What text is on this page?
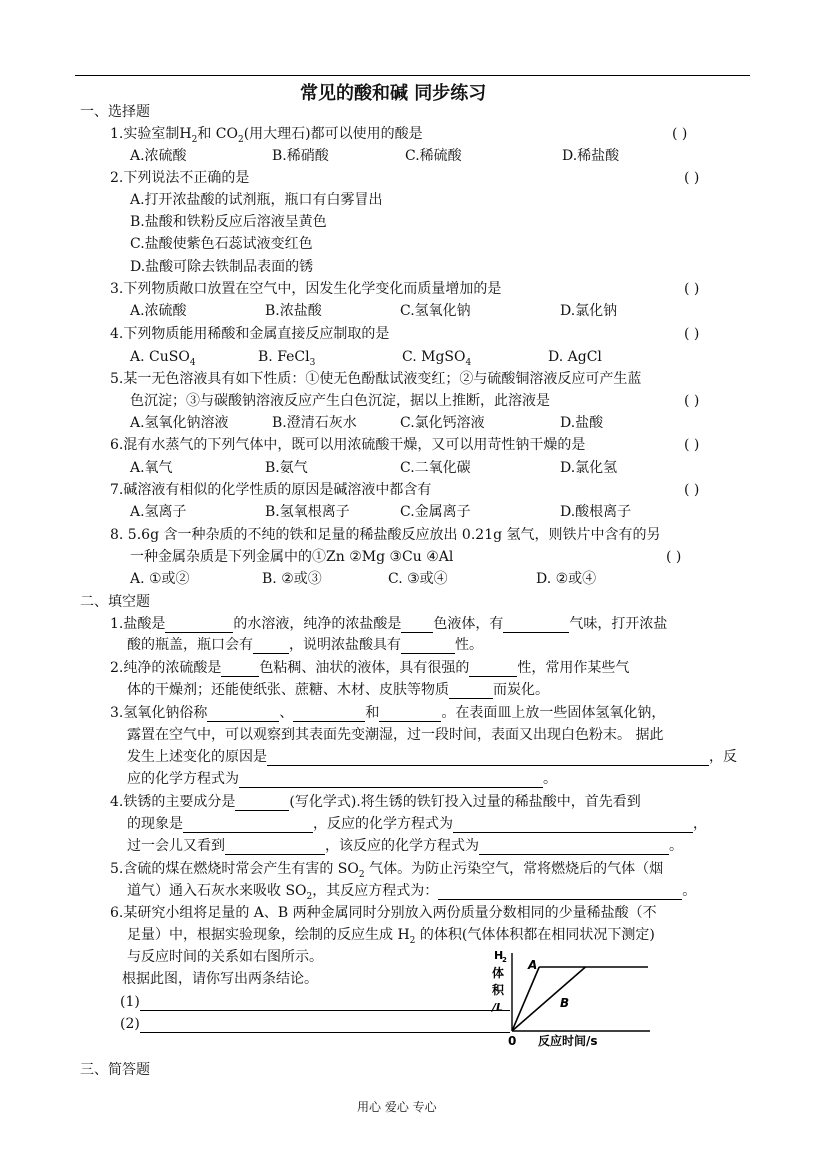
常见的酸和碱 同步练习
一、选择题
1.实验室制$H_2$和 $CO_2$(用大理石)都可以使用的酸是	( )
A.浓硫酸	B.稀硝酸	C.稀硫酸	D.稀盐酸
2.下列说法不正确的是	( )
A.打开浓盐酸的试剂瓶，瓶口有白雾冒出
B.盐酸和铁粉反应后溶液呈黄色
C.盐酸使紫色石蕊试液变红色
D.盐酸可除去铁制品表面的锈
3.下列物质敞口放置在空气中，因发生化学变化而质量增加的是	( )
A.浓硫酸	B.浓盐酸	C.氢氧化钠	D.氯化钠
4.下列物质能用稀酸和金属直接反应制取的是	( )
A. CuSO$_4$	B. FeCl$_3$	C. MgSO$_4$	D. AgCl
5.某一无色溶液具有如下性质：①使无色酚酞试液变红；②与硫酸铜溶液反应可产生蓝
色沉淀；③与碳酸钠溶液反应产生白色沉淀，据以上推断，此溶液是	( )
A.氢氧化钠溶液	B.澄清石灰水	C.氯化钙溶液	D.盐酸
6.混有水蒸气的下列气体中，既可以用浓硫酸干燥，又可以用苛性钠干燥的是	( )
A.氧气	B.氨气	C.二氧化碳	D.氯化氢
7.碱溶液有相似的化学性质的原因是碱溶液中都含有	( )
A.氢离子	B.氢氧根离子	C.金属离子	D.酸根离子
8. 5.6g 含一种杂质的不纯的铁和足量的稀盐酸反应放出 0.21g 氢气，则铁片中含有的另
一种金属杂质是下列金属中的①Zn ②Mg ③Cu ④Al	( )
A. ①或②	B. ②或③	C. ③或④	D. ②或④
二、填空题
1.盐酸是	的水溶液，纯净的浓盐酸是 色液体，有	气味，打开浓盐
酸的瓶盖，瓶口会有	，说明浓盐酸具有	性。
2.纯净的浓硫酸是	色粘稠、油状的液体，具有很强的	性，常用作某些气
体的干燥剂；还能使纸张、蔗糖、木材、皮肤等物质	而炭化。
3.氢氧化钠俗称	、	和	。在表面皿上放一些固体氢氧化钠，
露置在空气中，可以观察到其表面先变潮湿，过一段时间，表面又出现白色粉末。 据此
发生上述变化的原因是	，反
应的化学方程式为	。
4.铁锈的主要成分是	(写化学式).将生锈的铁钉投入过量的稀盐酸中，首先看到
的现象是	，反应的化学方程式为	，
过一会儿又看到	，该反应的化学方程式为	。
5.含硫的煤在燃烧时常会产生有害的 $SO_2$ 气体。为防止污染空气，常将燃烧后的气体（烟
道气）通入石灰水来吸收 $SO_2$，其反应方程式为：	。
6.某研究小组将足量的 A、B 两种金属同时分别放入两份质量分数相同的少量稀盐酸（不
足量）中，根据实验现象，绘制的反应生成 $H_2$ 的体积(气体体积都在相同状况下测定)
与反应时间的关系如右图所示。
根据此图，请你写出两条结论。
(1)
(2)
H
2
体
积
/L
0 反应时间/s
A
B
三、简答题
用心 爱心 专心
